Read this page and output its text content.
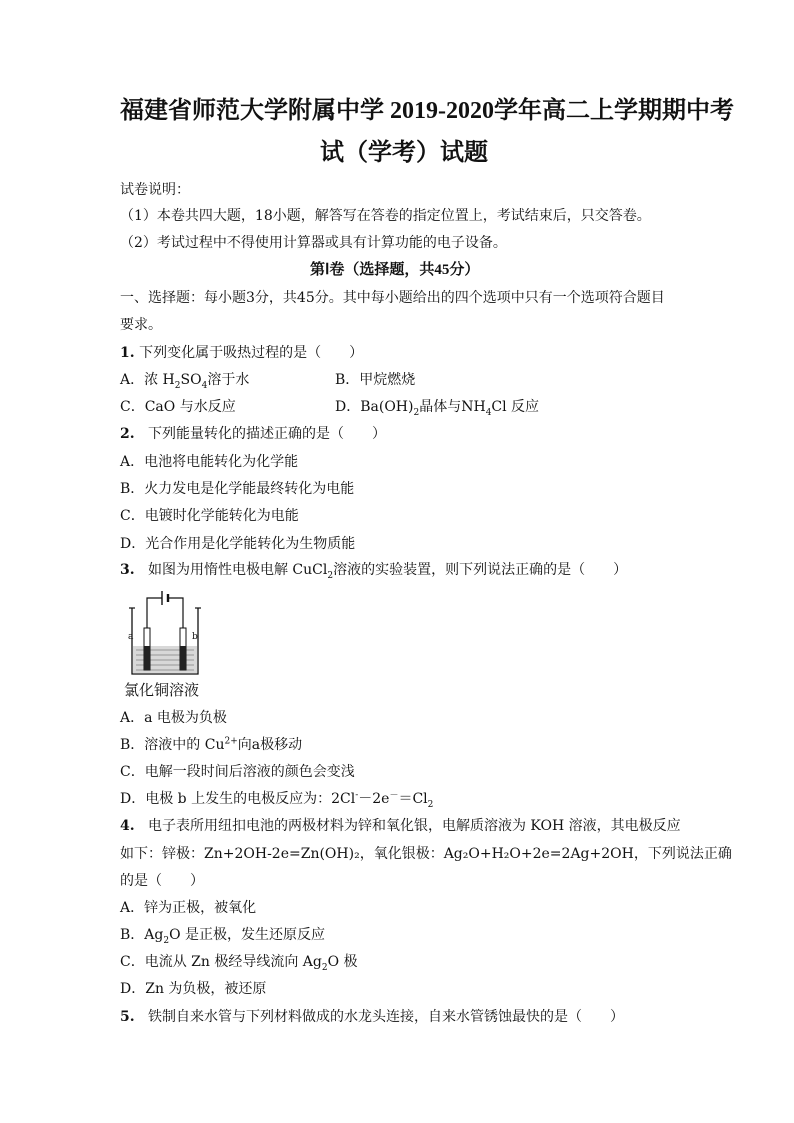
福建省师范大学附属中学 2019-2020学年高二上学期期中考
试（学考）试题
试卷说明：
（1）本卷共四大题，18小题，解答写在答卷的指定位置上，考试结束后，只交答卷。
（2）考试过程中不得使用计算器或具有计算功能的电子设备。
第Ⅰ卷（选择题，共45分）
一、选择题：每小题3分，共45分。其中每小题给出的四个选项中只有一个选项符合题目
要求。
1. 下列变化属于吸热过程的是（　　）
A．浓 $H_2SO_4$溶于水	B．甲烷燃烧
C．CaO 与水反应	D．$Ba(OH)_2$晶体与$NH_4Cl$ 反应
2. 下列能量转化的描述正确的是（　　）
A．电池将电能转化为化学能
B．火力发电是化学能最终转化为电能
C．电镀时化学能转化为电能
D．光合作用是化学能转化为生物质能
3. 如图为用惰性电极电解 CuCl$_2$溶液的实验装置，则下列说法正确的是（　　）
a	b
氯化铜溶液
A．a 电极为负极
B．溶液中的 $Cu^{2+}$向a极移动
C．电解一段时间后溶液的颜色会变浅
D．电极 b 上发生的电极反应为：$2Cl^--2e^-=Cl_2$
4. 电子表所用纽扣电池的两极材料为锌和氧化银，电解质溶液为 KOH 溶液，其电极反应
如下：锌极：Zn+2OH-2e=Zn(OH)₂，氧化银极：Ag₂O+H₂O+2e=2Ag+2OH，下列说法正确
的是（　　）
A．锌为正极，被氧化
B．$Ag_2O$ 是正极，发生还原反应
C．电流从 Zn 极经导线流向 $Ag_2O$ 极
D．Zn 为负极，被还原
5. 铁制自来水管与下列材料做成的水龙头连接，自来水管锈蚀最快的是（　　）
